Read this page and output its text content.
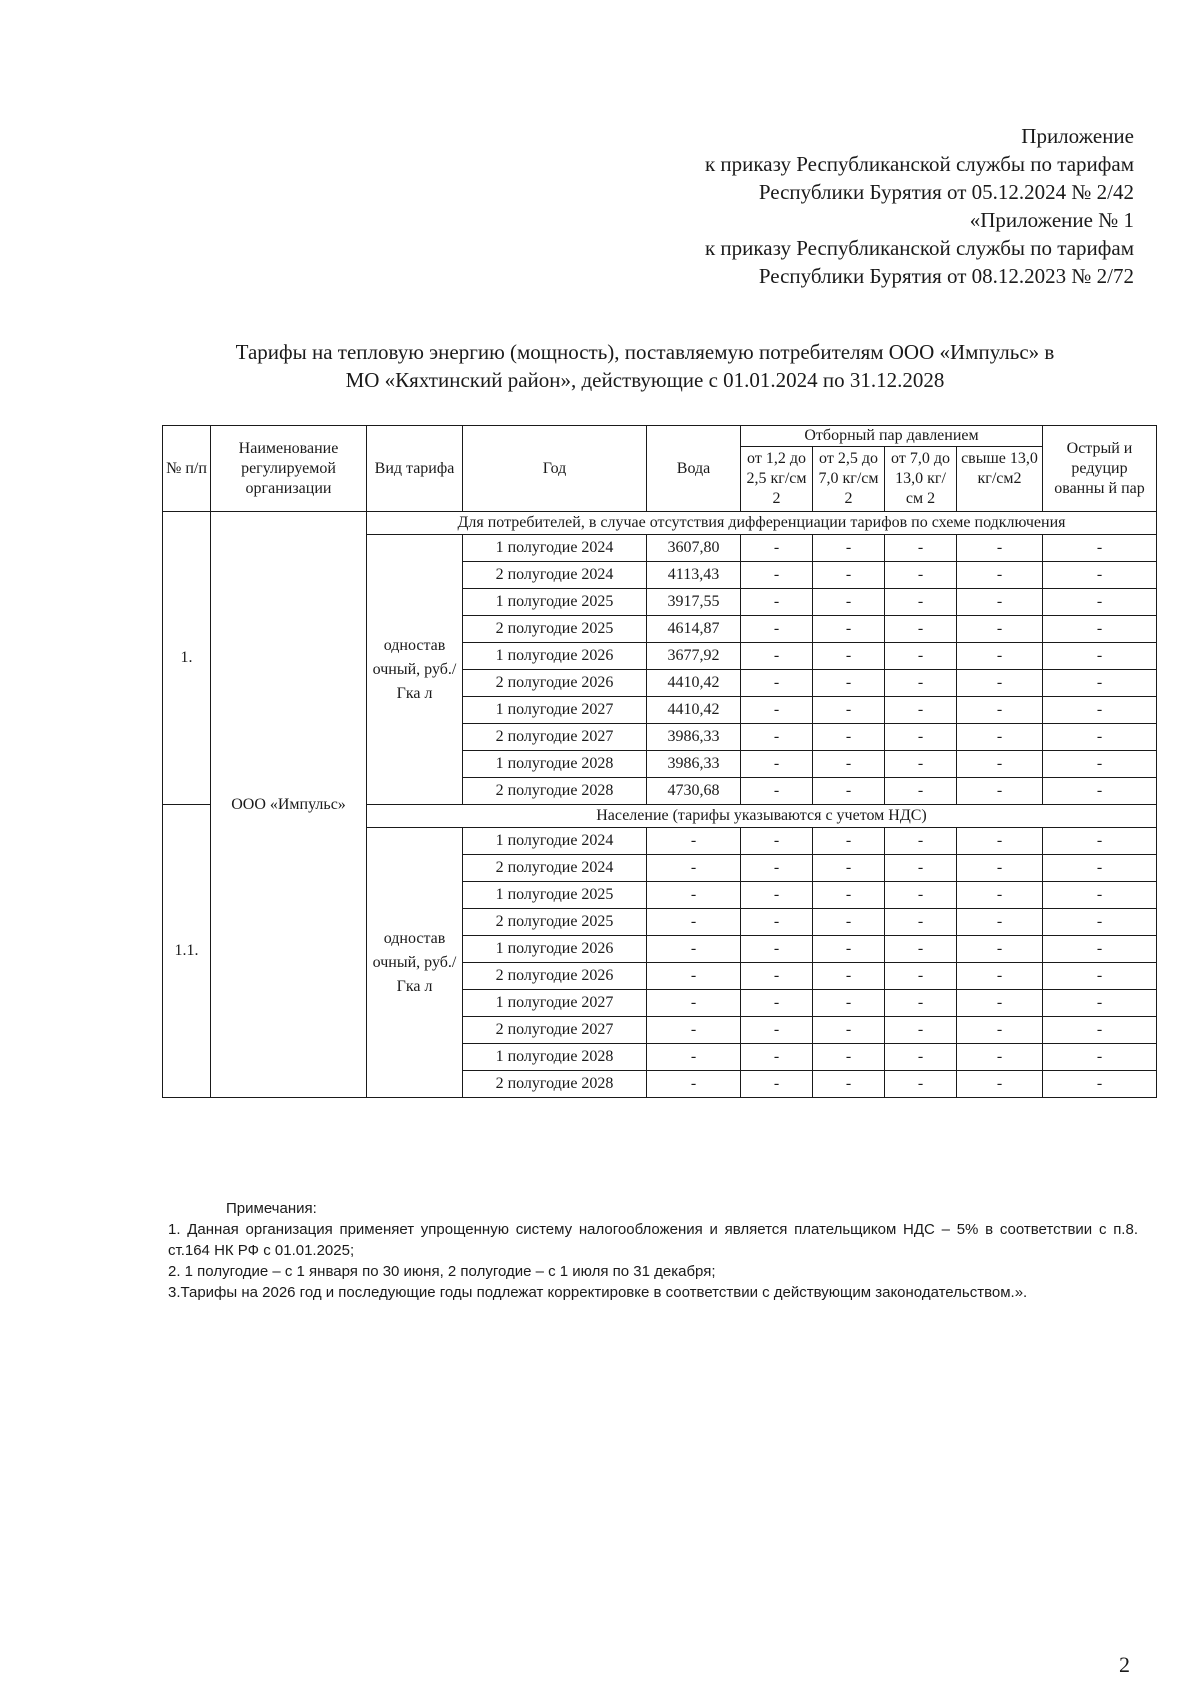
Приложение
к приказу Республиканской службы по тарифам
Республики Бурятия от 05.12.2024 № 2/42
«Приложение № 1
к приказу Республиканской службы по тарифам
Республики Бурятия от 08.12.2023 № 2/72
Тарифы на тепловую энергию (мощность), поставляемую потребителям ООО «Импульс» в
МО «Кяхтинский район», действующие с 01.01.2024 по 31.12.2028
№ п/п	Наименование регулируемой организации	Вид тарифа	Год	Вода	Отборный пар давлением				Острый и редуцир ованны й пар
					от 1,2 до 2,5 кг/см 2	от 2,5 до 7,0 кг/см 2	от 7,0 до 13,0 кг/см 2	свыше 13,0 кг/см2	
1.	ООО «Импульс»	Для потребителей, в случае отсутствия дифференциации тарифов по схеме подключения							
		одностав очный, руб./Гка л	1 полугодие 2024	3607,80	-	-	-	-	-
			2 полугодие 2024	4113,43	-	-	-	-	-
			1 полугодие 2025	3917,55	-	-	-	-	-
			2 полугодие 2025	4614,87	-	-	-	-	-
			1 полугодие 2026	3677,92	-	-	-	-	-
			2 полугодие 2026	4410,42	-	-	-	-	-
			1 полугодие 2027	4410,42	-	-	-	-	-
			2 полугодие 2027	3986,33	-	-	-	-	-
			1 полугодие 2028	3986,33	-	-	-	-	-
			2 полугодие 2028	4730,68	-	-	-	-	-
1.1.		Население (тарифы указываются с учетом НДС)							
		одностав очный, руб./Гка л	1 полугодие 2024	-	-	-	-	-	-
			2 полугодие 2024	-	-	-	-	-	-
			1 полугодие 2025	-	-	-	-	-	-
			2 полугодие 2025	-	-	-	-	-	-
			1 полугодие 2026	-	-	-	-	-	-
			2 полугодие 2026	-	-	-	-	-	-
			1 полугодие 2027	-	-	-	-	-	-
			2 полугодие 2027	-	-	-	-	-	-
			1 полугодие 2028	-	-	-	-	-	-
			2 полугодие 2028	-	-	-	-	-	-
Примечания:
1. Данная организация применяет упрощенную систему налогообложения и является плательщиком НДС – 5% в соответствии с п.8. ст.164 НК РФ с 01.01.2025;
2. 1 полугодие – с 1 января по 30 июня, 2 полугодие – с 1 июля по 31 декабря;
3.Тарифы на 2026 год и последующие годы подлежат корректировке в соответствии с действующим законодательством.».
2
